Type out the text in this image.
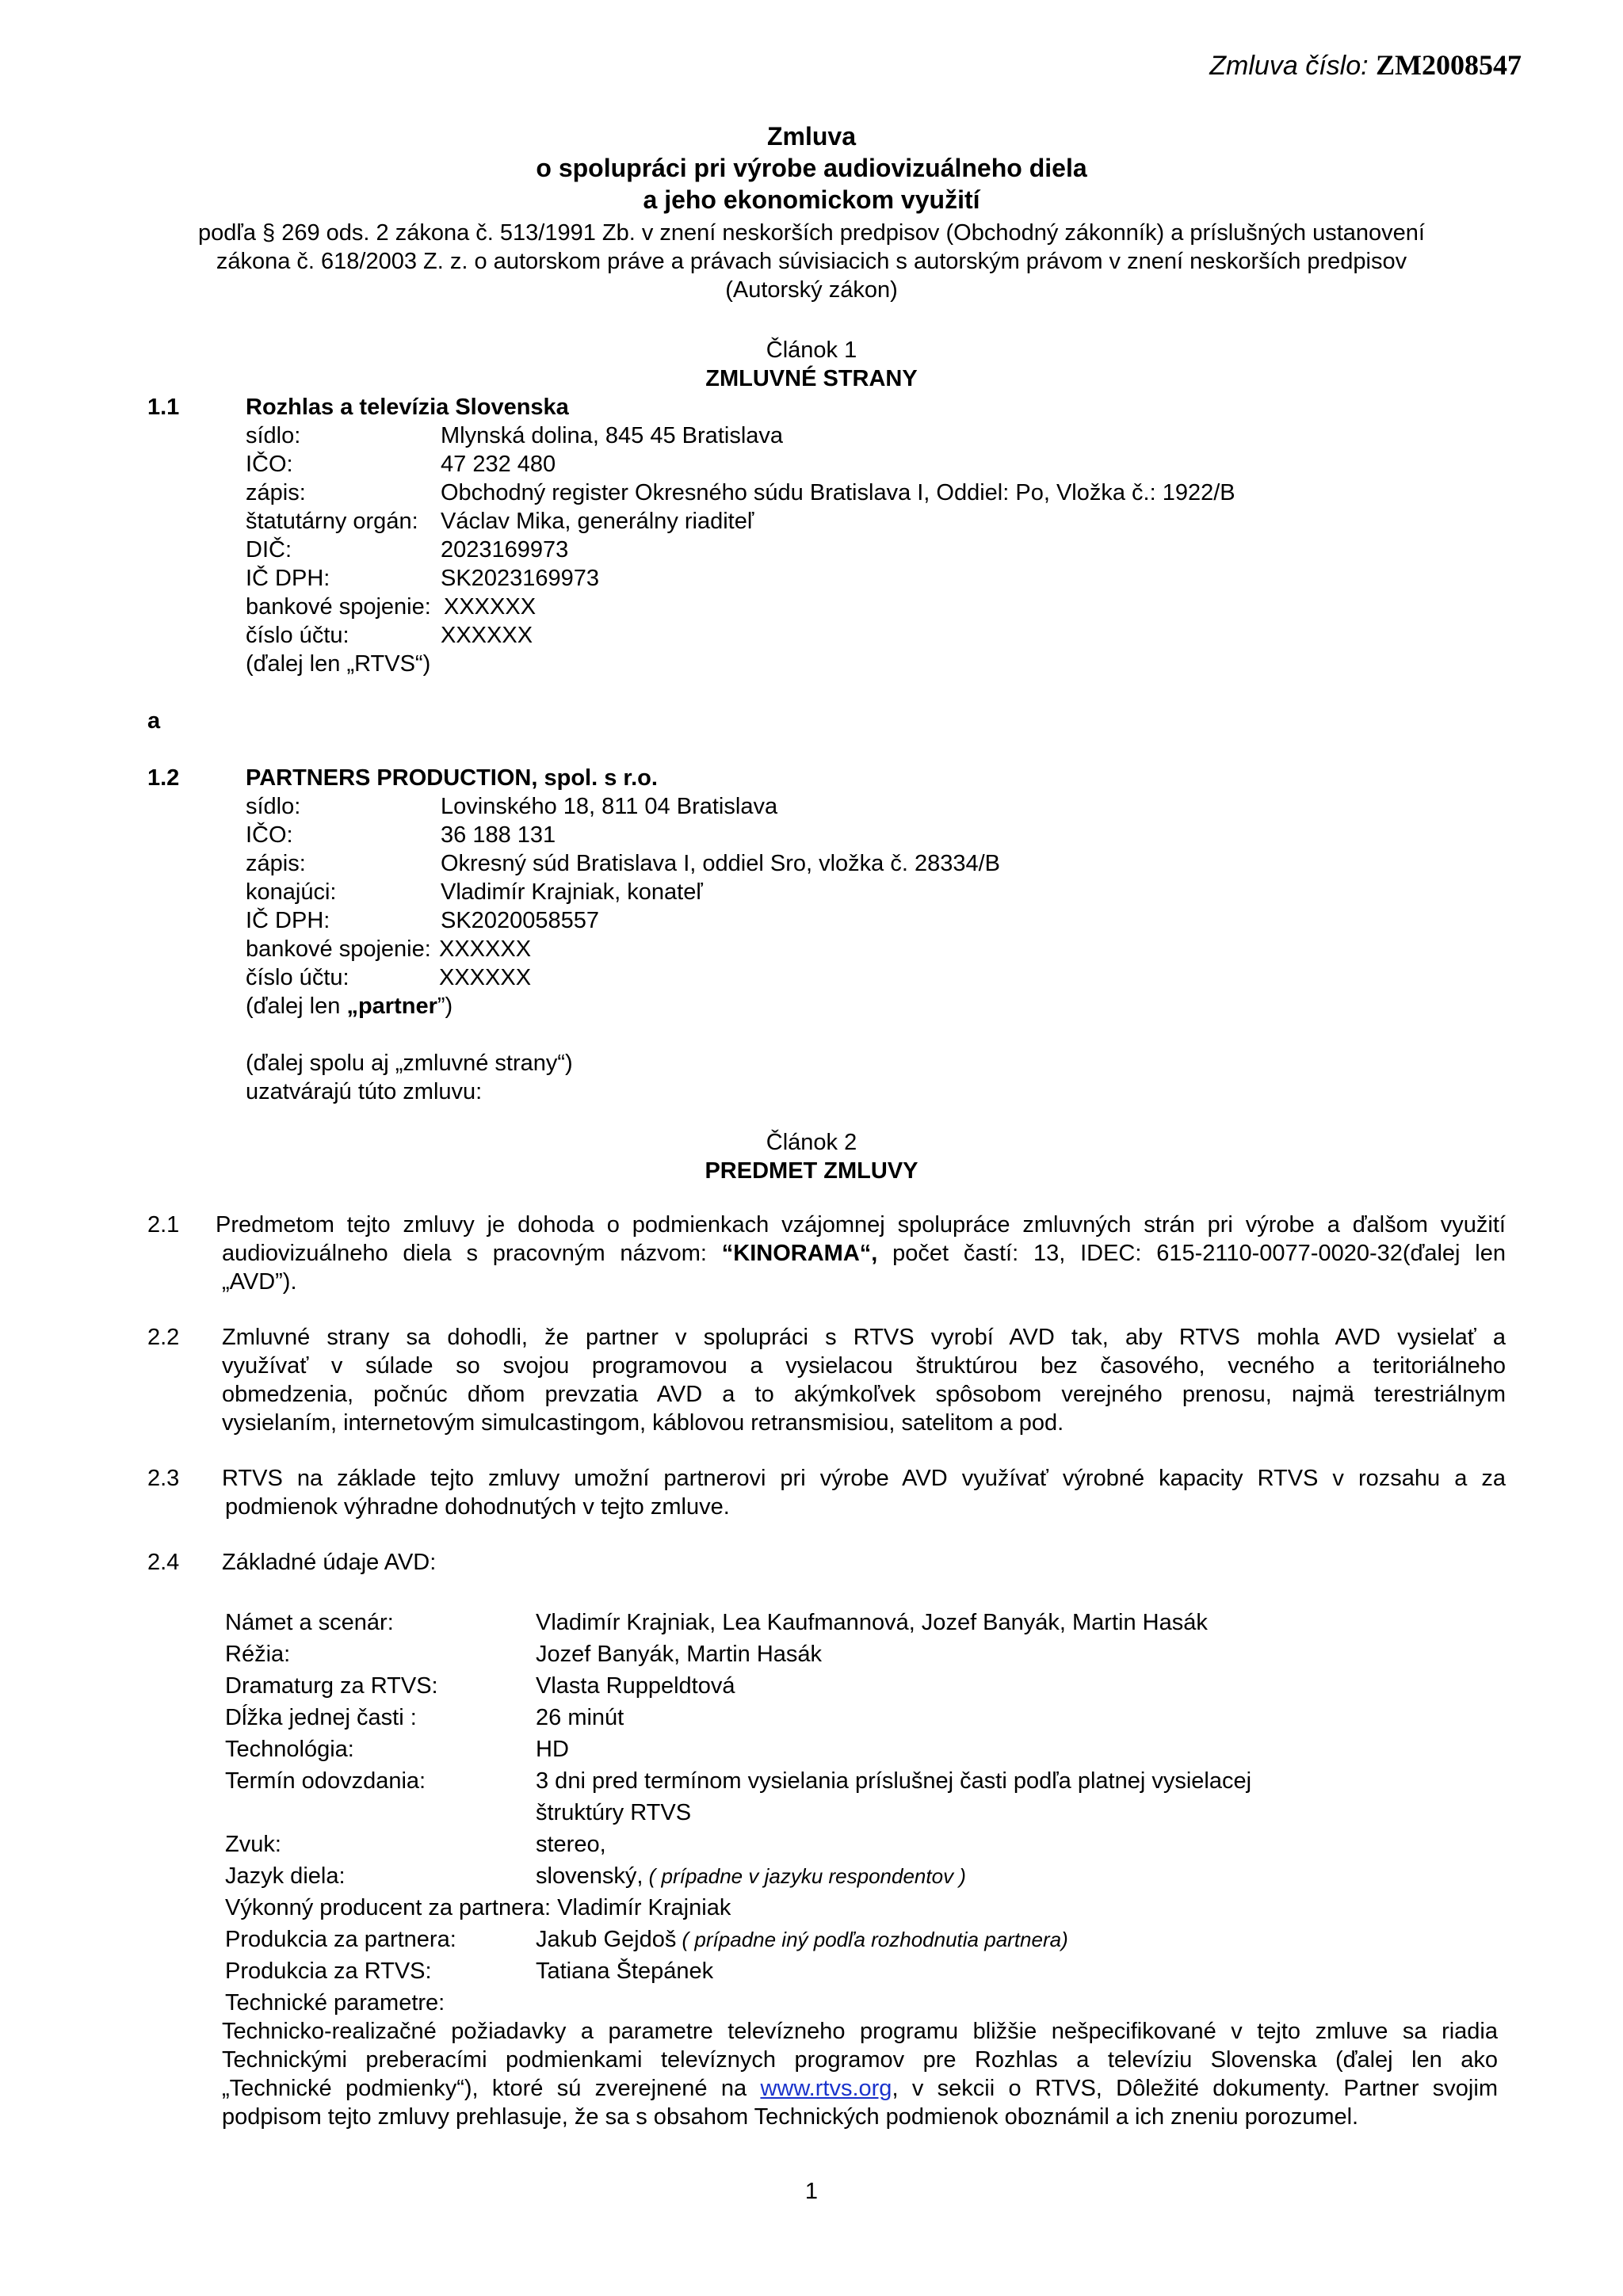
Zmluva číslo: ZM2008547
Zmluva
o spolupráci pri výrobe audiovizuálneho diela
a jeho ekonomickom využití
podľa § 269 ods. 2 zákona č. 513/1991 Zb. v znení neskorších predpisov (Obchodný zákonník) a príslušných ustanovení
zákona č. 618/2003 Z. z. o autorskom práve a právach súvisiacich s autorským právom v znení neskorších predpisov
(Autorský zákon)
Článok 1
ZMLUVNÉ STRANY
1.1	Rozhlas a televízia Slovenska
sídlo:	Mlynská dolina, 845 45 Bratislava
IČO:	47 232 480
zápis:	Obchodný register Okresného súdu Bratislava I, Oddiel: Po, Vložka č.: 1922/B
štatutárny orgán: Václav Mika, generálny riaditeľ
DIČ:	2023169973
IČ DPH:	SK2023169973
bankové spojenie: XXXXXX
číslo účtu:	XXXXXX
(ďalej len „RTVS“)
a
1.2	PARTNERS PRODUCTION, spol. s r.o.
sídlo:	Lovinského 18, 811 04 Bratislava
IČO:	36 188 131
zápis:	Okresný súd Bratislava I, oddiel Sro, vložka č. 28334/B
konajúci:	Vladimír Krajniak, konateľ
IČ DPH:	SK2020058557
bankové spojenie: XXXXXX
číslo účtu:	XXXXXX
(ďalej len „partner”)
(ďalej spolu aj „zmluvné strany“)
uzatvárajú túto zmluvu:
Článok 2
PREDMET ZMLUVY
2.1 Predmetom tejto zmluvy je dohoda o podmienkach vzájomnej spolupráce zmluvných strán pri výrobe a ďalšom využití
audiovizuálneho diela s pracovným názvom: “KINORAMA“, počet častí: 13, IDEC: 615-2110-0077-0020-32(ďalej len
„AVD”).
2.2 Zmluvné strany sa dohodli, že partner v spolupráci s RTVS vyrobí AVD tak, aby RTVS mohla AVD vysielať a
využívať v súlade so svojou programovou a vysielacou štruktúrou bez časového, vecného a teritoriálneho
obmedzenia, počnúc dňom prevzatia AVD a to akýmkoľvek spôsobom verejného prenosu, najmä terestriálnym
vysielaním, internetovým simulcastingom, káblovou retransmisiou, satelitom a pod.
2.3 RTVS na základe tejto zmluvy umožní partnerovi pri výrobe AVD využívať výrobné kapacity RTVS v rozsahu a za
podmienok výhradne dohodnutých v tejto zmluve.
2.4 Základné údaje AVD:
Námet a scenár:	Vladimír Krajniak, Lea Kaufmannová, Jozef Banyák, Martin Hasák
Réžia:	Jozef Banyák, Martin Hasák
Dramaturg za RTVS:	Vlasta Ruppeldtová
Dĺžka jednej časti :	26 minút
Technológia:	HD
Termín odovzdania:	3 dni pred termínom vysielania príslušnej časti podľa platnej vysielacej
štruktúry RTVS
Zvuk:	stereo,
Jazyk diela:	slovenský, ( prípadne v jazyku respondentov )
Výkonný producent za partnera: Vladimír Krajniak
Produkcia za partnera:	Jakub Gejdoš ( prípadne iný podľa rozhodnutia partnera)
Produkcia za RTVS:	Tatiana Štepánek
Technické parametre:
Technicko-realizačné požiadavky a parametre televízneho programu bližšie nešpecifikované v tejto zmluve sa riadia
Technickými preberacími podmienkami televíznych programov pre Rozhlas a televíziu Slovenska (ďalej len ako
„Technické podmienky“), ktoré sú zverejnené na www.rtvs.org, v sekcii o RTVS, Dôležité dokumenty. Partner svojim
podpisom tejto zmluvy prehlasuje, že sa s obsahom Technických podmienok oboznámil a ich zneniu porozumel.
1
